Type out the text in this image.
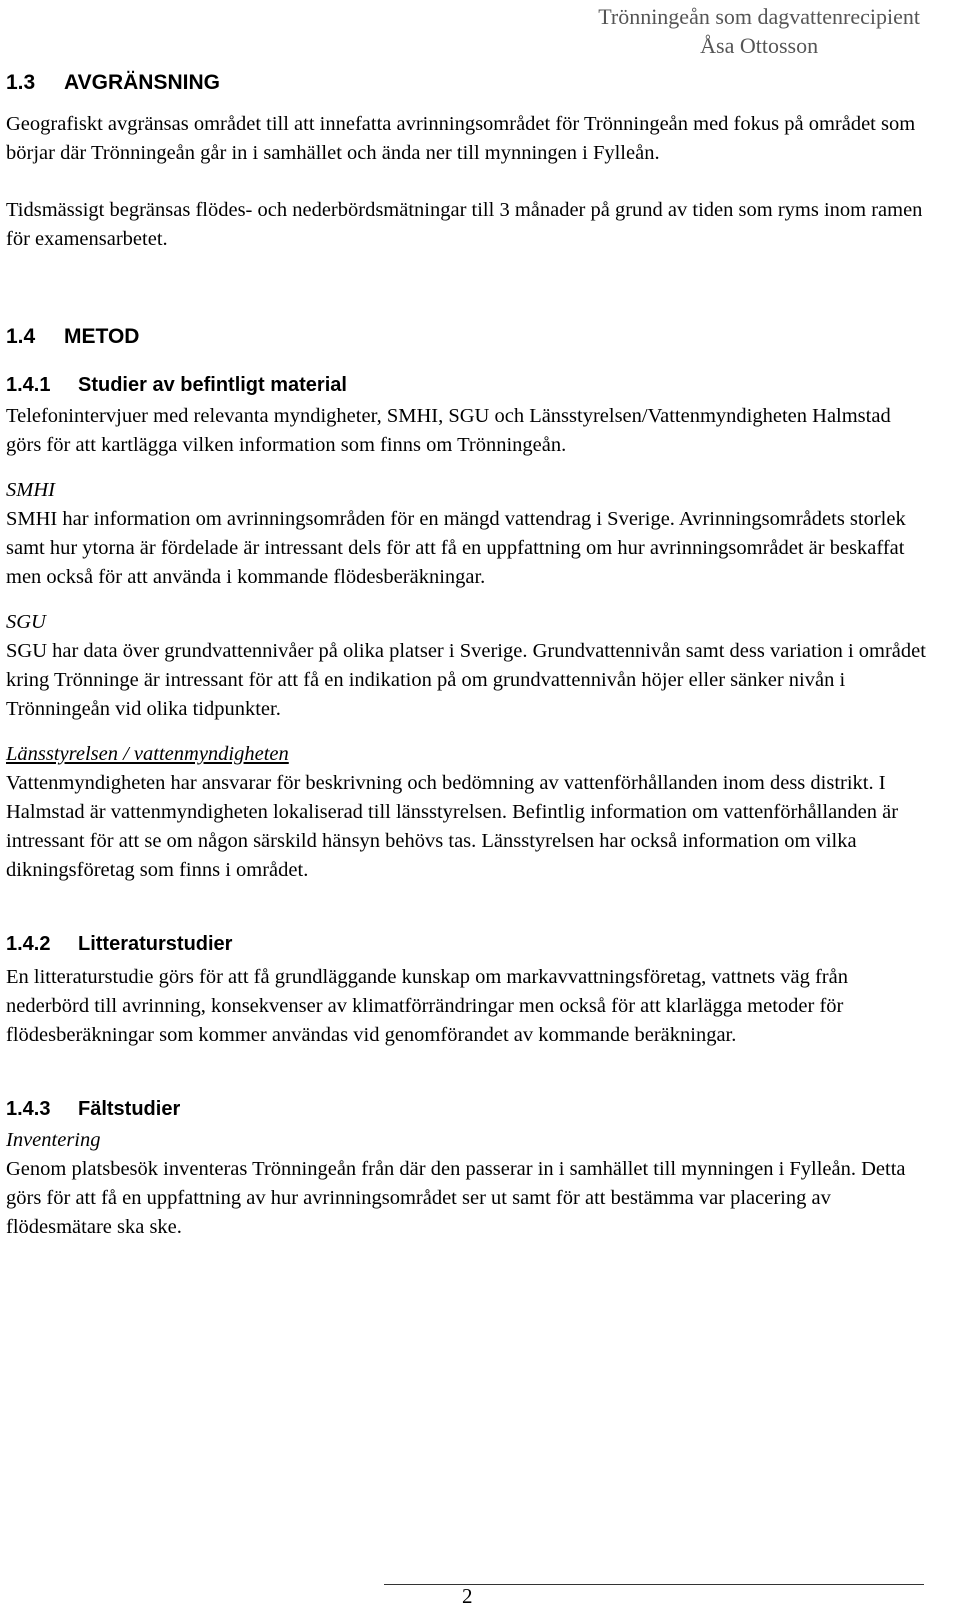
Trönningeån som dagvattenrecipient
Åsa Ottosson
1.3 AVGRÄNSNING

Geografiskt avgränsas området till att innefatta avrinningsområdet för Trönningeån med fokus på området som börjar där Trönningeån går in i samhället och ända ner till mynningen i Fylleån.

Tidsmässigt begränsas flödes- och nederbördsmätningar till 3 månader på grund av tiden som ryms inom ramen för examensarbetet.

1.4 METOD
1.4.1 Studier av befintligt material

Telefonintervjuer med relevanta myndigheter, SMHI, SGU och Länsstyrelsen/Vattenmyndigheten Halmstad görs för att kartlägga vilken information som finns om Trönningeån.

SMHI

SMHI har information om avrinningsområden för en mängd vattendrag i Sverige. Avrinningsområdets storlek samt hur ytorna är fördelade är intressant dels för att få en uppfattning om hur avrinningsområdet är beskaffat men också för att använda i kommande flödesberäkningar.

SGU

SGU har data över grundvattennivåer på olika platser i Sverige. Grundvattennivån samt dess variation i området kring Trönninge är intressant för att få en indikation på om grundvattennivån höjer eller sänker nivån i Trönningeån vid olika tidpunkter.

Länsstyrelsen / vattenmyndigheten

Vattenmyndigheten har ansvarar för beskrivning och bedömning av vattenförhållanden inom dess distrikt. I Halmstad är vattenmyndigheten lokaliserad till länsstyrelsen. Befintlig information om vattenförhållanden är intressant för att se om någon särskild hänsyn behövs tas. Länsstyrelsen har också information om vilka dikningsföretag som finns i området.

1.4.2 Litteraturstudier

En litteraturstudie görs för att få grundläggande kunskap om markavvattningsföretag, vattnets väg från nederbörd till avrinning, konsekvenser av klimatförrändringar men också för att klarlägga metoder för flödesberäkningar som kommer användas vid genomförandet av kommande beräkningar.

1.4.3 Fältstudier

Inventering

Genom platsbesök inventeras Trönningeån från där den passerar in i samhället till mynningen i Fylleån. Detta görs för att få en uppfattning av hur avrinningsområdet ser ut samt för att bestämma var placering av flödesmätare ska ske.

2
